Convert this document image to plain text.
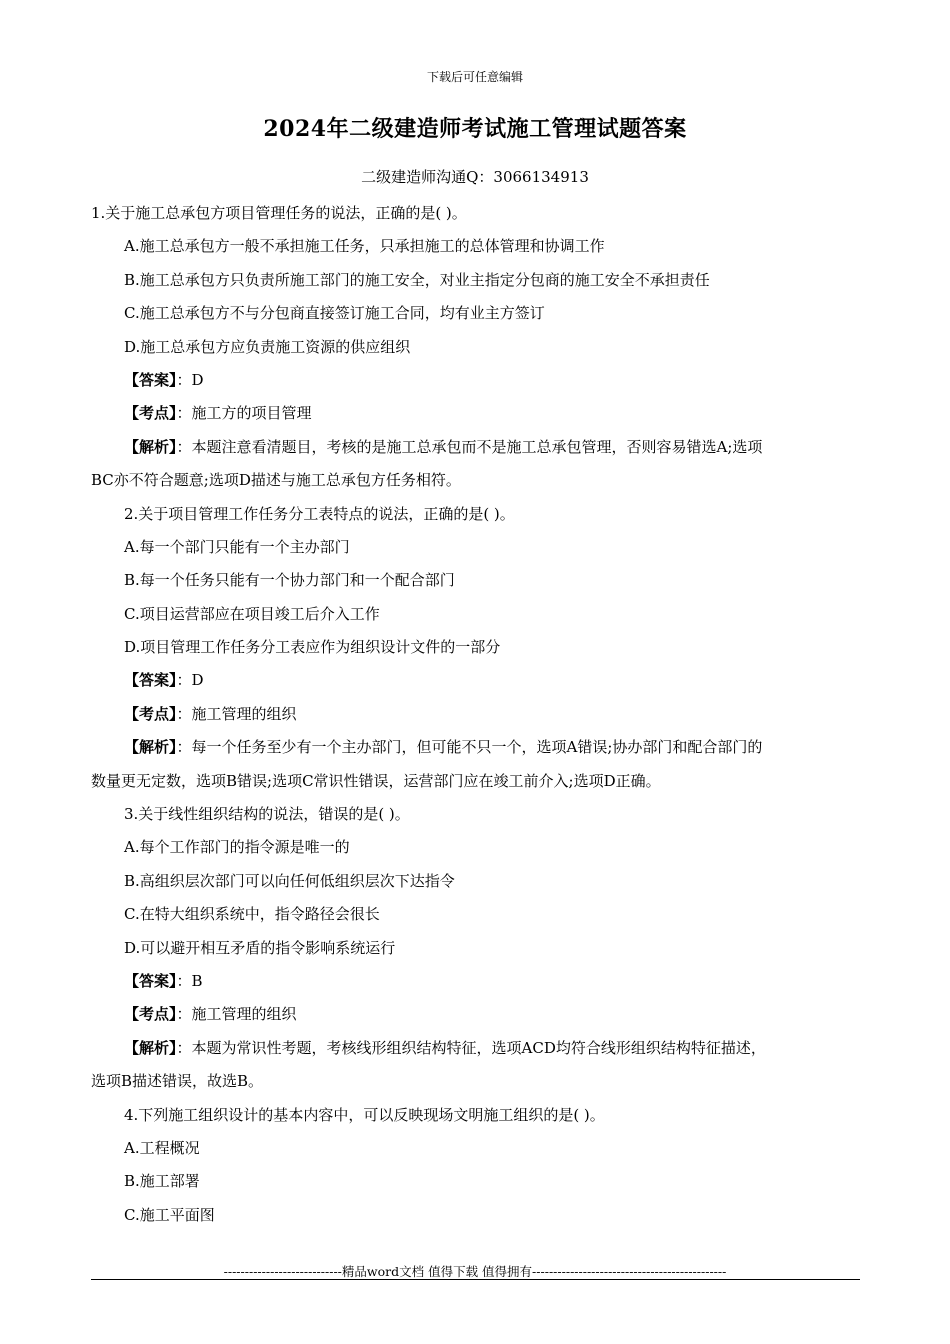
下载后可任意编辑
2024年二级建造师考试施工管理试题答案
二级建造师沟通Q：3066134913
1.关于施工总承包方项目管理任务的说法，正确的是( )。
A.施工总承包方一般不承担施工任务，只承担施工的总体管理和协调工作
B.施工总承包方只负责所施工部门的施工安全，对业主指定分包商的施工安全不承担责任
C.施工总承包方不与分包商直接签订施工合同，均有业主方签订
D.施工总承包方应负责施工资源的供应组织
【答案】：D
【考点】：施工方的项目管理
【解析】：本题注意看清题目，考核的是施工总承包而不是施工总承包管理，否则容易错选A;选项
BC亦不符合题意;选项D描述与施工总承包方任务相符。
2.关于项目管理工作任务分工表特点的说法，正确的是( )。
A.每一个部门只能有一个主办部门
B.每一个任务只能有一个协力部门和一个配合部门
C.项目运营部应在项目竣工后介入工作
D.项目管理工作任务分工表应作为组织设计文件的一部分
【答案】：D
【考点】：施工管理的组织
【解析】：每一个任务至少有一个主办部门，但可能不只一个，选项A错误;协办部门和配合部门的
数量更无定数，选项B错误;选项C常识性错误，运营部门应在竣工前介入;选项D正确。
3.关于线性组织结构的说法，错误的是( )。
A.每个工作部门的指令源是唯一的
B.高组织层次部门可以向任何低组织层次下达指令
C.在特大组织系统中，指令路径会很长
D.可以避开相互矛盾的指令影响系统运行
【答案】：B
【考点】：施工管理的组织
【解析】：本题为常识性考题，考核线形组织结构特征，选项ACD均符合线形组织结构特征描述，
选项B描述错误，故选B。
4.下列施工组织设计的基本内容中，可以反映现场文明施工组织的是( )。
A.工程概况
B.施工部署
C.施工平面图
----------------------------精品word文档 值得下载 值得拥有----------------------------------------------
